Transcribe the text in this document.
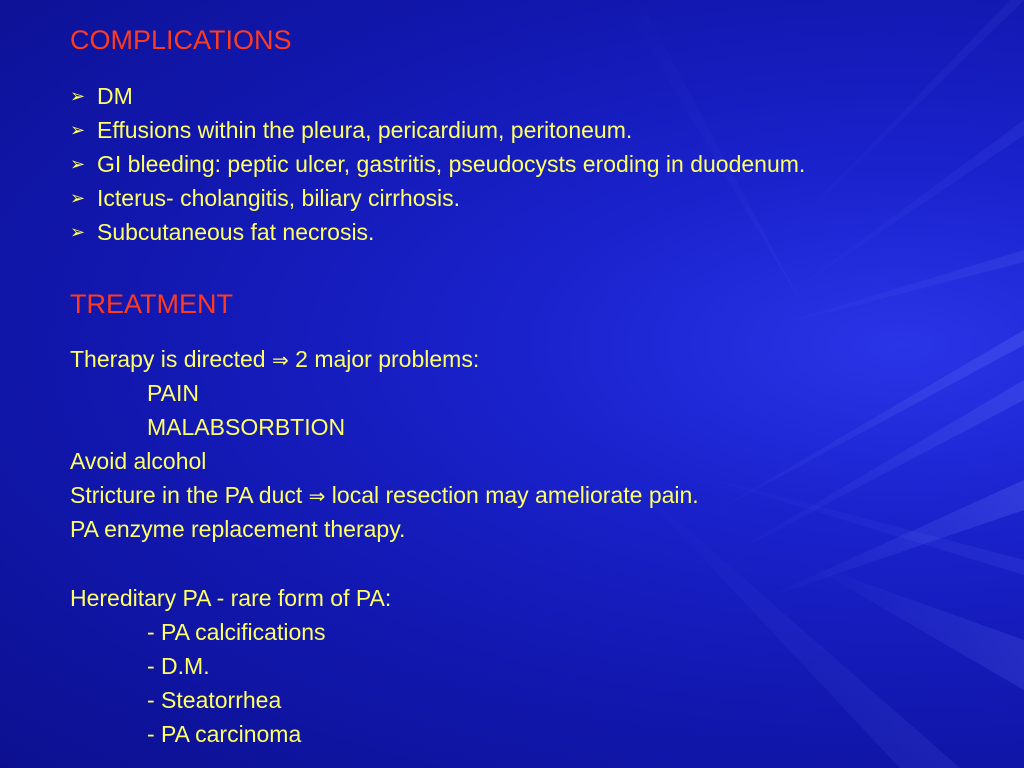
COMPLICATIONS
➢ DM
➢ Effusions within the pleura, pericardium, peritoneum.
➢ GI bleeding: peptic ulcer, gastritis, pseudocysts eroding in duodenum.
➢ Icterus- cholangitis, biliary cirrhosis.
➢ Subcutaneous fat necrosis.
TREATMENT
Therapy is directed ⇒ 2 major problems:
PAIN
MALABSORBTION
Avoid alcohol
Stricture in the PA duct ⇒ local resection may ameliorate pain.
PA enzyme replacement therapy.
Hereditary PA - rare form of PA:
- PA calcifications
- D.M.
- Steatorrhea
- PA carcinoma
